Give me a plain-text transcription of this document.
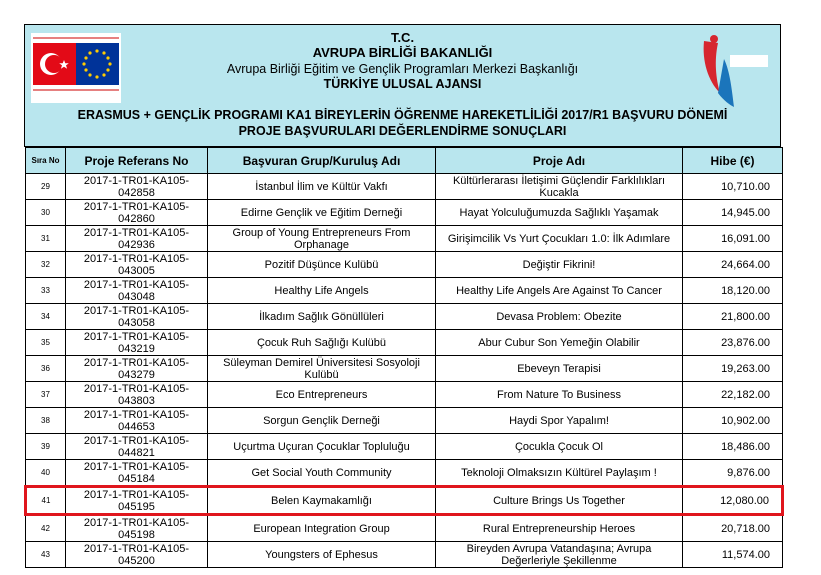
T.C.
AVRUPA BİRLİĞİ BAKANLIĞI
Avrupa Birliği Eğitim ve Gençlik Programları Merkezi Başkanlığı
TÜRKİYE ULUSAL AJANSI
ERASMUS + GENÇLİK PROGRAMI KA1 BİREYLERİN ÖĞRENME HAREKETLİLİĞİ 2017/R1 BAŞVURU DÖNEMİ
PROJE BAŞVURULARI DEĞERLENDİRME SONUÇLARI
Sıra No	Proje Referans No	Başvuran Grup/Kuruluş Adı	Proje Adı	Hibe (€)
29	2017-1-TR01-KA105-042858	İstanbul İlim ve Kültür Vakfı	Kültürlerarası İletişimi Güçlendir Farklılıkları Kucakla	10,710.00
30	2017-1-TR01-KA105-042860	Edirne Gençlik ve Eğitim Derneği	Hayat Yolculuğumuzda Sağlıklı Yaşamak	14,945.00
31	2017-1-TR01-KA105-042936	Group of Young Entrepreneurs From Orphanage	Girişimcilik Vs Yurt Çocukları 1.0: İlk Adımlare	16,091.00
32	2017-1-TR01-KA105-043005	Pozitif Düşünce Kulübü	Değiştir Fikrini!	24,664.00
33	2017-1-TR01-KA105-043048	Healthy Life Angels	Healthy Life Angels Are Against To Cancer	18,120.00
34	2017-1-TR01-KA105-043058	İlkadım Sağlık Gönüllüleri	Devasa Problem: Obezite	21,800.00
35	2017-1-TR01-KA105-043219	Çocuk Ruh Sağlığı Kulübü	Abur Cubur Son Yemeğin Olabilir	23,876.00
36	2017-1-TR01-KA105-043279	Süleyman Demirel Üniversitesi Sosyoloji Kulübü	Ebeveyn Terapisi	19,263.00
37	2017-1-TR01-KA105-043803	Eco Entrepreneurs	From Nature To Business	22,182.00
38	2017-1-TR01-KA105-044653	Sorgun Gençlik Derneği	Haydi Spor Yapalım!	10,902.00
39	2017-1-TR01-KA105-044821	Uçurtma Uçuran Çocuklar Topluluğu	Çocukla Çocuk Ol	18,486.00
40	2017-1-TR01-KA105-045184	Get Social Youth Community	Teknoloji Olmaksızın Kültürel Paylaşım !	9,876.00
41	2017-1-TR01-KA105-045195	Belen Kaymakamlığı	Culture Brings Us Together	12,080.00
42	2017-1-TR01-KA105-045198	European Integration Group	Rural Entrepreneurship Heroes	20,718.00
43	2017-1-TR01-KA105-045200	Youngsters of Ephesus	Bireyden Avrupa Vatandaşına; Avrupa Değerleriyle Şekillenme	11,574.00
